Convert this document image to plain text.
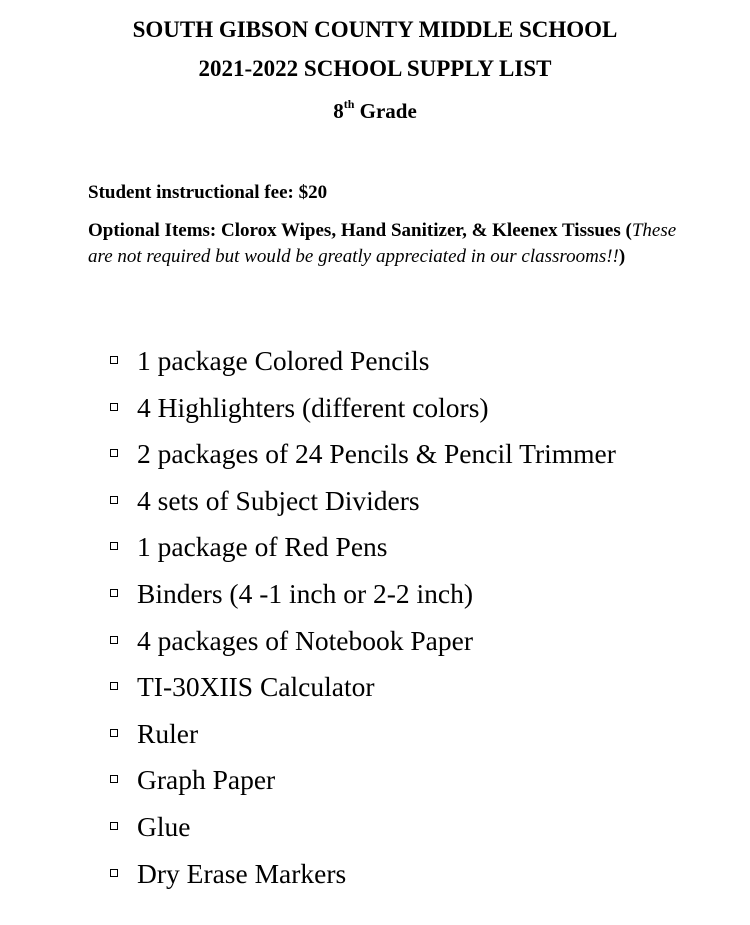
SOUTH GIBSON COUNTY MIDDLE SCHOOL
2021-2022 SCHOOL SUPPLY LIST
8th Grade
Student instructional fee: $20
Optional Items: Clorox Wipes, Hand Sanitizer, & Kleenex Tissues (These are not required but would be greatly appreciated in our classrooms!!)
1 package Colored Pencils
4 Highlighters (different colors)
2 packages of 24 Pencils & Pencil Trimmer
4 sets of Subject Dividers
1 package of Red Pens
Binders (4 -1 inch or 2-2 inch)
4 packages of Notebook Paper
TI-30XIIS Calculator
Ruler
Graph Paper
Glue
Dry Erase Markers
